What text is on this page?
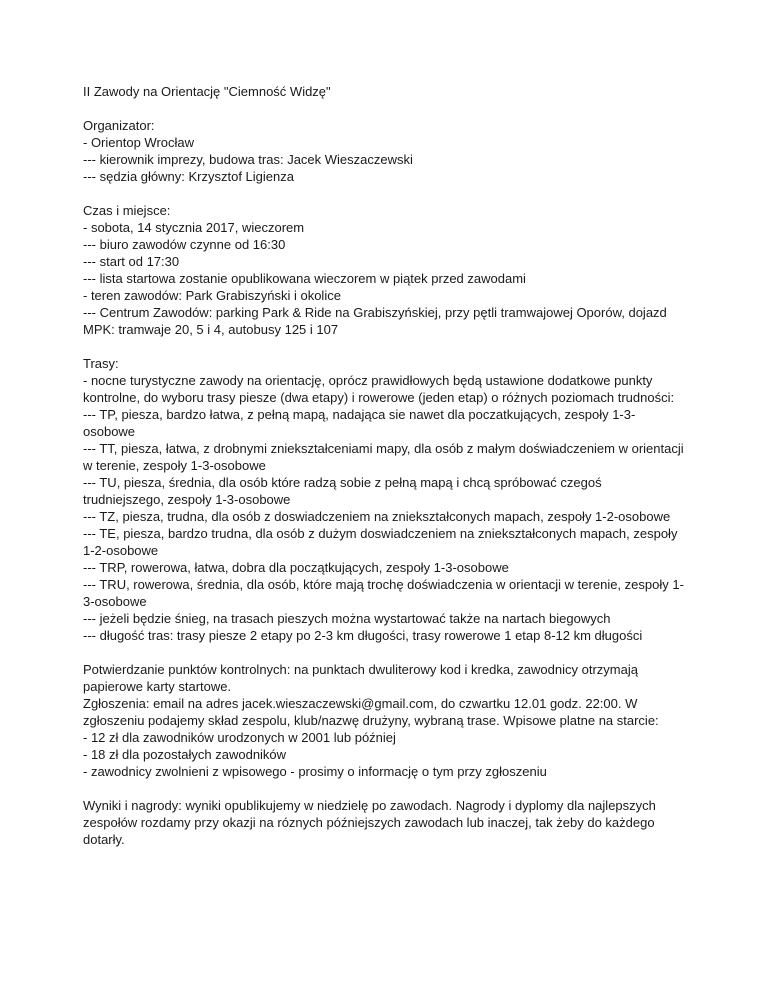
II Zawody na Orientację "Ciemność Widzę"
Organizator:
- Orientop Wrocław
--- kierownik imprezy, budowa tras: Jacek Wieszaczewski
--- sędzia główny: Krzysztof Ligienza
Czas i miejsce:
- sobota, 14 stycznia 2017, wieczorem
--- biuro zawodów czynne od 16:30
--- start od 17:30
--- lista startowa zostanie opublikowana wieczorem w piątek przed zawodami
- teren zawodów: Park Grabiszyński i okolice
--- Centrum Zawodów: parking Park & Ride na Grabiszyńskiej, przy pętli tramwajowej Oporów, dojazd MPK: tramwaje 20, 5 i 4, autobusy 125 i 107
Trasy:
- nocne turystyczne zawody na orientację, oprócz prawidłowych będą ustawione dodatkowe punkty kontrolne, do wyboru trasy piesze (dwa etapy) i rowerowe (jeden etap) o różnych poziomach trudności:
--- TP, piesza, bardzo łatwa, z pełną mapą, nadająca sie nawet dla poczatkujących, zespoły 1-3-osobowe
--- TT, piesza, łatwa, z drobnymi zniekształceniami mapy, dla osób z małym doświadczeniem w orientacji w terenie, zespoły 1-3-osobowe
--- TU, piesza, średnia, dla osób które radzą sobie z pełną mapą i chcą spróbować czegoś trudniejszego, zespoły 1-3-osobowe
--- TZ, piesza, trudna, dla osób z doswiadczeniem na zniekształconych mapach, zespoły 1-2-osobowe
--- TE, piesza, bardzo trudna, dla osób z dużym doswiadczeniem na zniekształconych mapach, zespoły 1-2-osobowe
--- TRP, rowerowa, łatwa, dobra dla początkujących, zespoły 1-3-osobowe
--- TRU, rowerowa, średnia, dla osób, które mają trochę doświadczenia w orientacji w terenie, zespoły 1-3-osobowe
--- jeżeli będzie śnieg, na trasach pieszych można wystartować także na nartach biegowych
--- długość tras: trasy piesze 2 etapy po 2-3 km długości, trasy rowerowe 1 etap 8-12 km długości
Potwierdzanie punktów kontrolnych: na punktach dwuliterowy kod i kredka, zawodnicy otrzymają papierowe karty startowe.
Zgłoszenia: email na adres jacek.wieszaczewski@gmail.com, do czwartku 12.01 godz. 22:00. W zgłoszeniu podajemy skład zespolu, klub/nazwę drużyny, wybraną trase. Wpisowe platne na starcie:
- 12 zł dla zawodników urodzonych w 2001 lub później
- 18 zł dla pozostałych zawodników
- zawodnicy zwolnieni z wpisowego - prosimy o informację o tym przy zgłoszeniu
Wyniki i nagrody: wyniki opublikujemy w niedzielę po zawodach. Nagrody i dyplomy dla najlepszych zespołów rozdamy przy okazji na róznych późniejszych zawodach lub inaczej, tak żeby do każdego dotarły.
